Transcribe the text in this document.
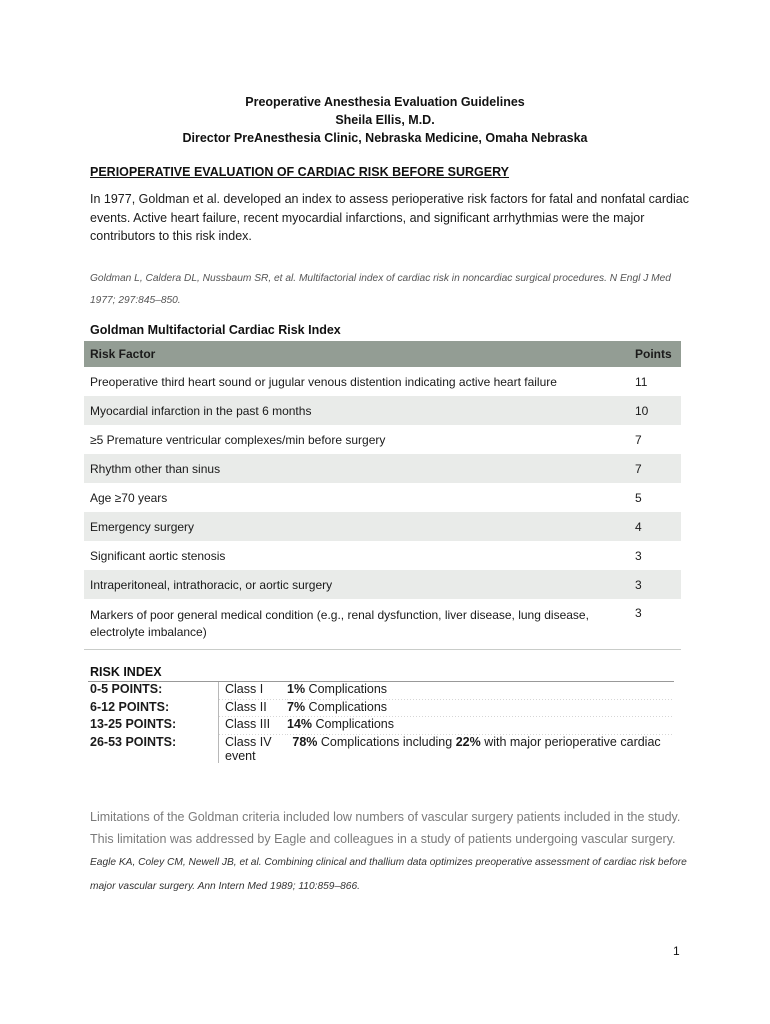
Preoperative Anesthesia Evaluation Guidelines
Sheila Ellis, M.D.
Director PreAnesthesia Clinic, Nebraska Medicine, Omaha Nebraska
PERIOPERATIVE EVALUATION OF CARDIAC RISK BEFORE SURGERY
In 1977, Goldman et al. developed an index to assess perioperative risk factors for fatal and nonfatal cardiac events. Active heart failure, recent myocardial infarctions, and significant arrhythmias were the major contributors to this risk index.
Goldman L, Caldera DL, Nussbaum SR, et al. Multifactorial index of cardiac risk in noncardiac surgical procedures. N Engl J Med 1977; 297:845–850.
Goldman Multifactorial Cardiac Risk Index
Risk Factor	Points
Preoperative third heart sound or jugular venous distention indicating active heart failure	11
Myocardial infarction in the past 6 months	10
≥5 Premature ventricular complexes/min before surgery	7
Rhythm other than sinus	7
Age ≥70 years	5
Emergency surgery	4
Significant aortic stenosis	3
Intraperitoneal, intrathoracic, or aortic surgery	3
Markers of poor general medical condition (e.g., renal dysfunction, liver disease, lung disease, electrolyte imbalance)	3
RISK INDEX
0-5 POINTS:	Class I	1% Complications
6-12 POINTS:	Class II	7% Complications
13-25 POINTS:	Class III	14% Complications
26-53 POINTS:	Class IV 78% Complications including 22% with major perioperative cardiac event	
Limitations of the Goldman criteria included low numbers of vascular surgery patients included in the study. This limitation was addressed by Eagle and colleagues in a study of patients undergoing vascular surgery. Eagle KA, Coley CM, Newell JB, et al. Combining clinical and thallium data optimizes preoperative assessment of cardiac risk before major vascular surgery. Ann Intern Med 1989; 110:859–866.
1
